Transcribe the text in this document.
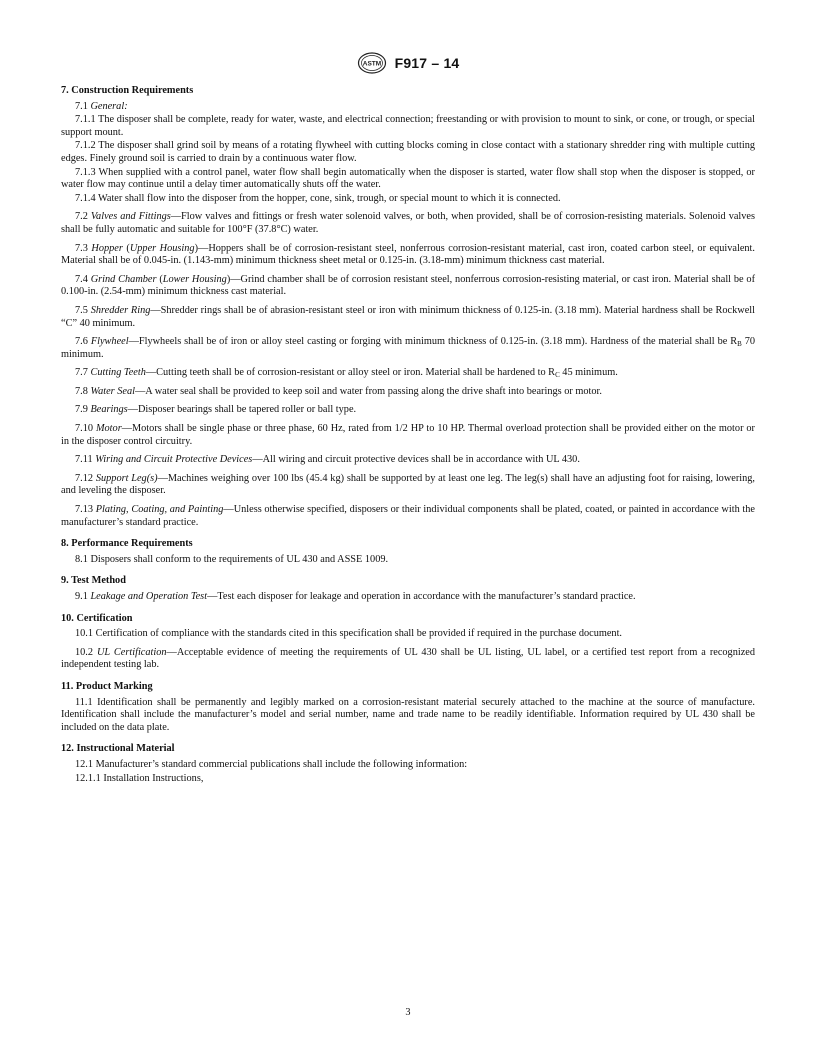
ASTM F917 – 14
7. Construction Requirements

7.1 General:

7.1.1 The disposer shall be complete, ready for water, waste, and electrical connection; freestanding or with provision to mount to sink, or cone, or trough, or special support mount.

7.1.2 The disposer shall grind soil by means of a rotating flywheel with cutting blocks coming in close contact with a stationary shredder ring with multiple cutting edges. Finely ground soil is carried to drain by a continuous water flow.

7.1.3 When supplied with a control panel, water flow shall begin automatically when the disposer is started, water flow shall stop when the disposer is stopped, or water flow may continue until a delay timer automatically shuts off the water.

7.1.4 Water shall flow into the disposer from the hopper, cone, sink, trough, or special mount to which it is connected.

7.2 Valves and Fittings—Flow valves and fittings or fresh water solenoid valves, or both, when provided, shall be of corrosion-resisting materials. Solenoid valves shall be fully automatic and suitable for 100°F (37.8°C) water.

7.3 Hopper (Upper Housing)—Hoppers shall be of corrosion-resistant steel, nonferrous corrosion-resistant material, cast iron, coated carbon steel, or equivalent. Material shall be of 0.045-in. (1.143-mm) minimum thickness sheet metal or 0.125-in. (3.18-mm) minimum thickness cast material.

7.4 Grind Chamber (Lower Housing)—Grind chamber shall be of corrosion resistant steel, nonferrous corrosion-resisting material, or cast iron. Material shall be of 0.100-in. (2.54-mm) minimum thickness cast material.

7.5 Shredder Ring—Shredder rings shall be of abrasion-resistant steel or iron with minimum thickness of 0.125-in. (3.18 mm). Material hardness shall be Rockwell “C” 40 minimum.

7.6 Flywheel—Flywheels shall be of iron or alloy steel casting or forging with minimum thickness of 0.125-in. (3.18 mm). Hardness of the material shall be $R_B$ 70 minimum.

7.7 Cutting Teeth—Cutting teeth shall be of corrosion-resistant or alloy steel or iron. Material shall be hardened to $R_C$ 45 minimum.

7.8 Water Seal—A water seal shall be provided to keep soil and water from passing along the drive shaft into bearings or motor.

7.9 Bearings—Disposer bearings shall be tapered roller or ball type.

7.10 Motor—Motors shall be single phase or three phase, 60 Hz, rated from 1/2 HP to 10 HP. Thermal overload protection shall be provided either on the motor or in the disposer control circuitry.

7.11 Wiring and Circuit Protective Devices—All wiring and circuit protective devices shall be in accordance with UL 430.

7.12 Support Leg(s)—Machines weighing over 100 lbs (45.4 kg) shall be supported by at least one leg. The leg(s) shall have an adjusting foot for raising, lowering, and leveling the disposer.

7.13 Plating, Coating, and Painting—Unless otherwise specified, disposers or their individual components shall be plated, coated, or painted in accordance with the manufacturer’s standard practice.

8. Performance Requirements

8.1 Disposers shall conform to the requirements of UL 430 and ASSE 1009.

9. Test Method

9.1 Leakage and Operation Test—Test each disposer for leakage and operation in accordance with the manufacturer’s standard practice.

10. Certification

10.1 Certification of compliance with the standards cited in this specification shall be provided if required in the purchase document.

10.2 UL Certification—Acceptable evidence of meeting the requirements of UL 430 shall be UL listing, UL label, or a certified test report from a recognized independent testing lab.

11. Product Marking

11.1 Identification shall be permanently and legibly marked on a corrosion-resistant material securely attached to the machine at the source of manufacture. Identification shall include the manufacturer’s model and serial number, name and trade name to be readily identifiable. Information required by UL 430 shall be included on the data plate.

12. Instructional Material

12.1 Manufacturer’s standard commercial publications shall include the following information:

12.1.1 Installation Instructions,

3
